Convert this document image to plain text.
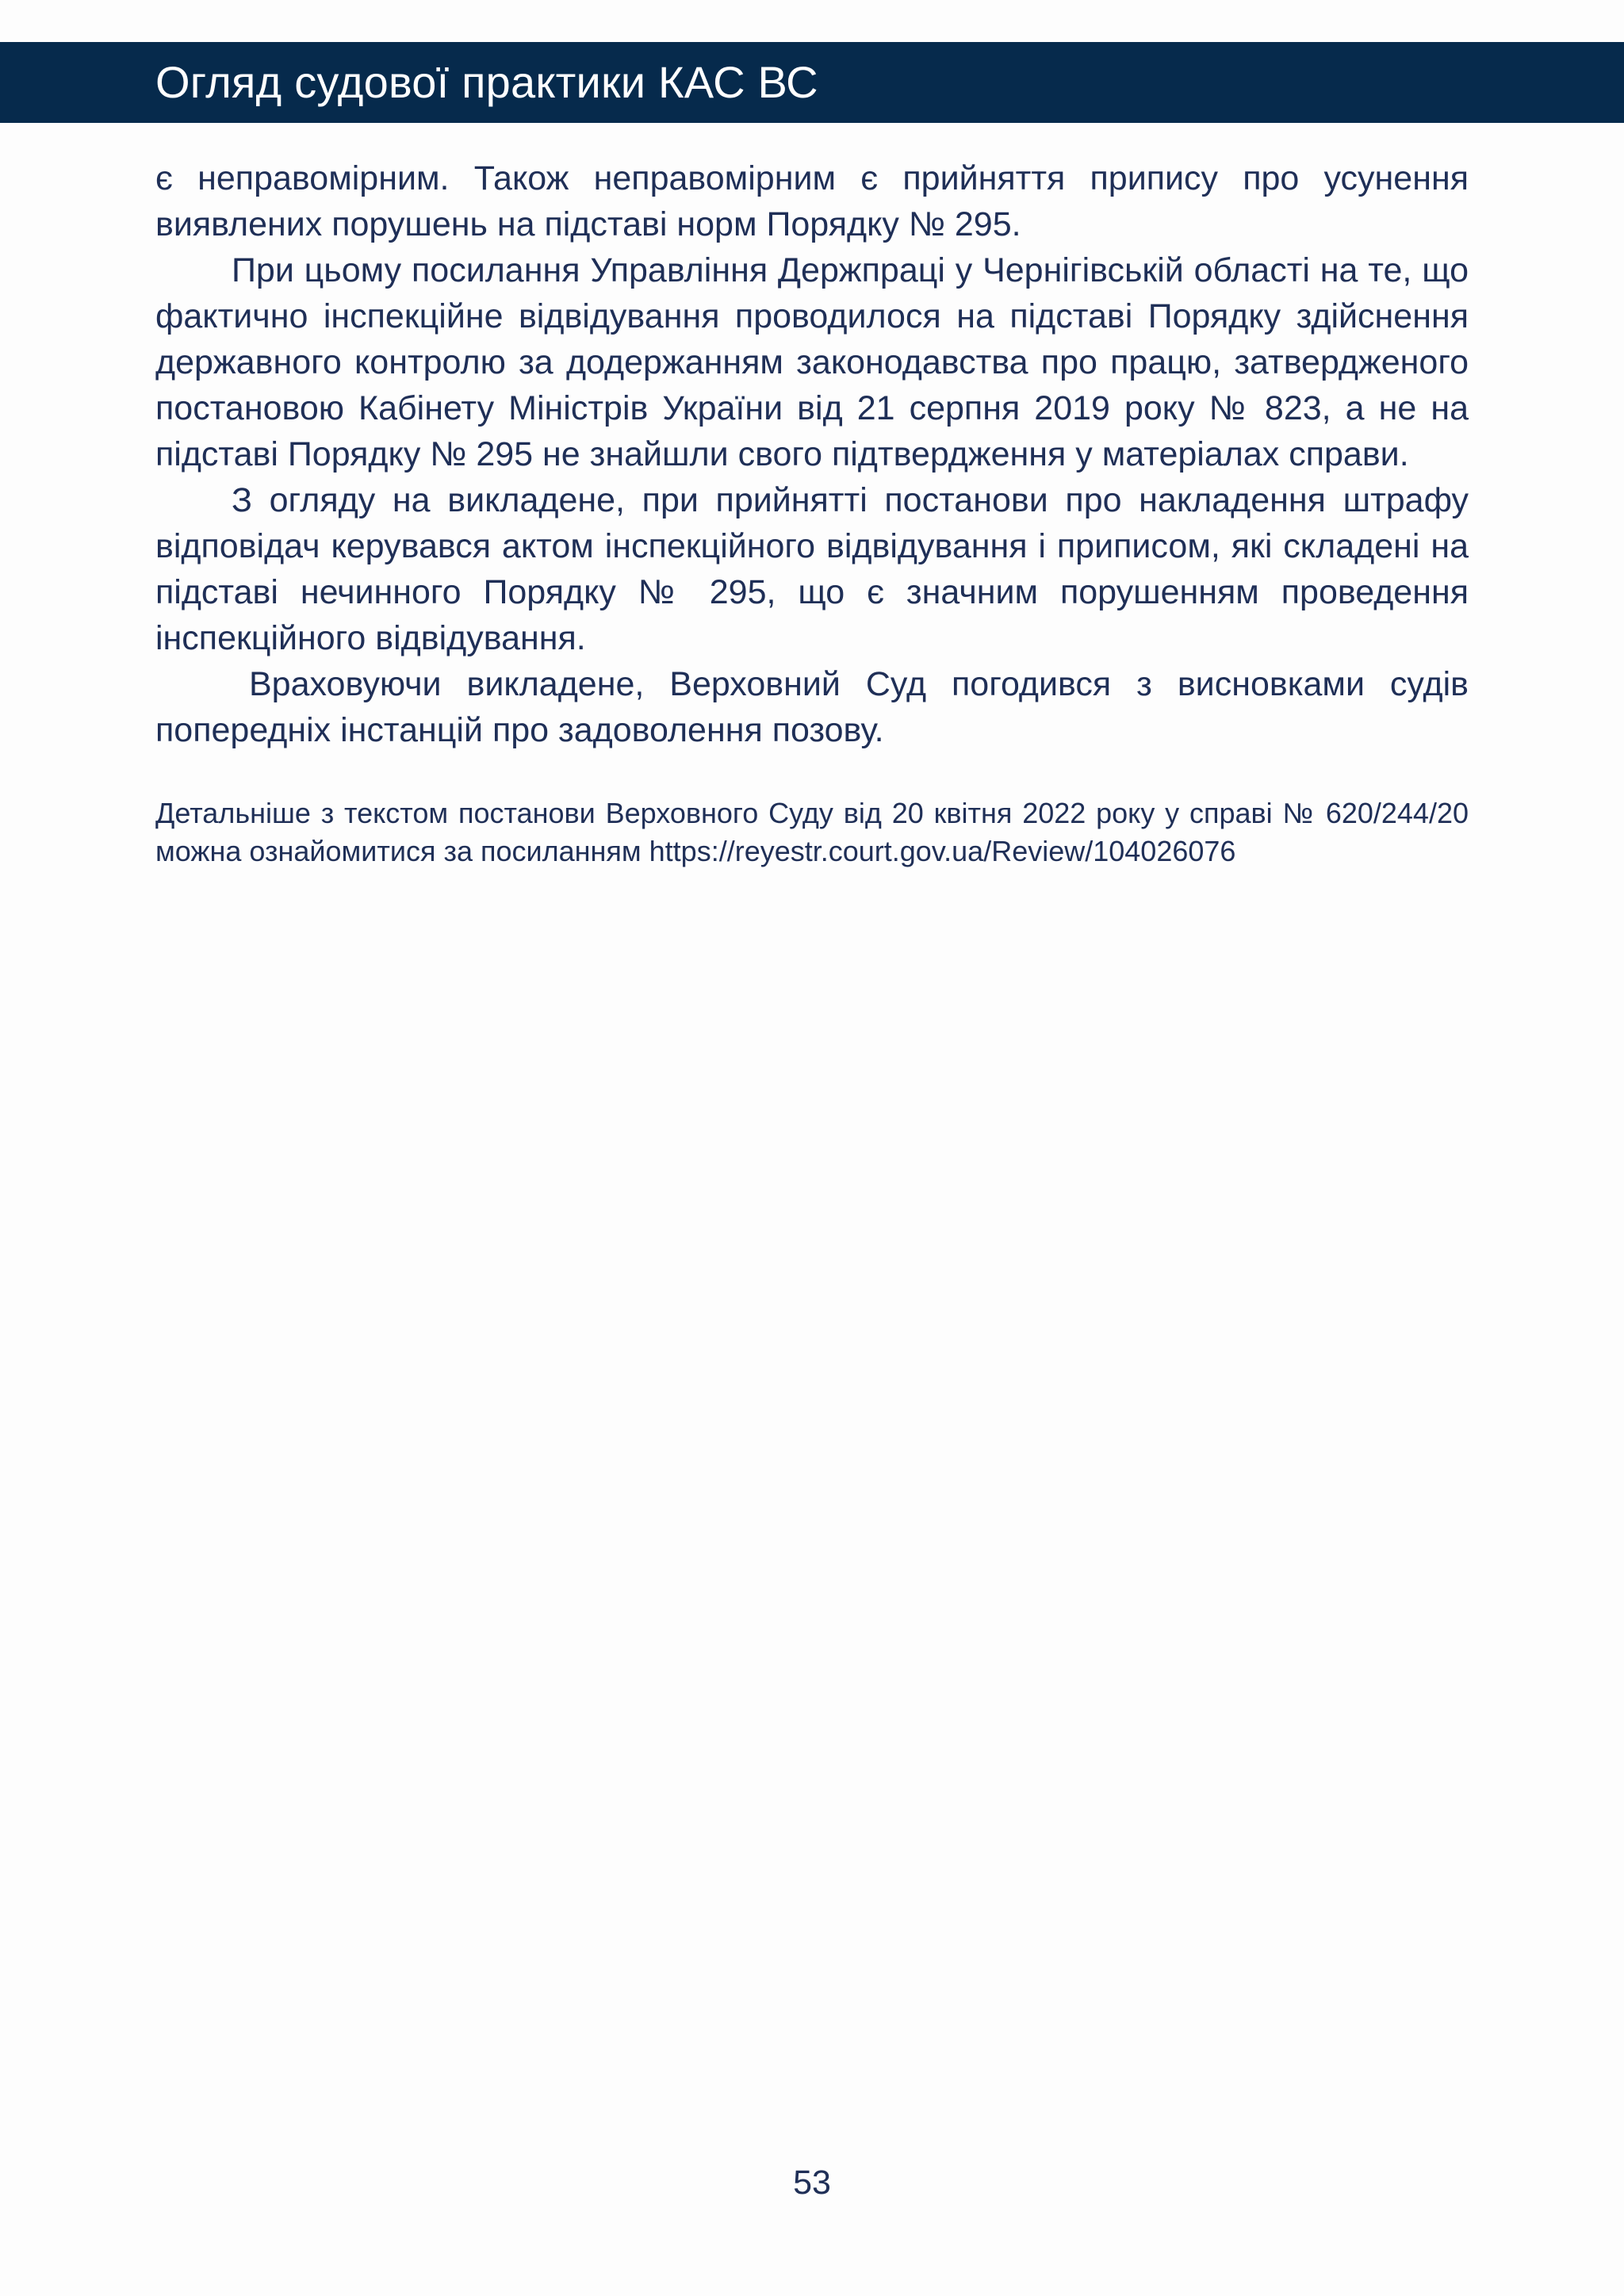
Огляд судової практики КАС ВС

є неправомірним. Також неправомірним є прийняття припису про усунення виявлених порушень на підставі норм Порядку № 295.

При цьому посилання Управління Держпраці у Чернігівській області на те, що фактично інспекційне відвідування проводилося на підставі Порядку здійснення державного контролю за додержанням законодавства про працю, затвердженого постановою Кабінету Міністрів України від 21 серпня 2019 року № 823, а не на підставі Порядку № 295 не знайшли свого підтвердження у матеріалах справи.

З огляду на викладене, при прийнятті постанови про накладення штрафу відповідач керувався актом інспекційного відвідування і приписом, які складені на підставі нечинного Порядку № 295, що є значним порушенням проведення інспекційного відвідування.

Враховуючи викладене, Верховний Суд погодився з висновками судів попередніх інстанцій про задоволення позову.

Детальніше з текстом постанови Верховного Суду від 20 квітня 2022 року у справі № 620/244/20 можна ознайомитися за посиланням https://reyestr.court.gov.ua/Review/104026076

53
